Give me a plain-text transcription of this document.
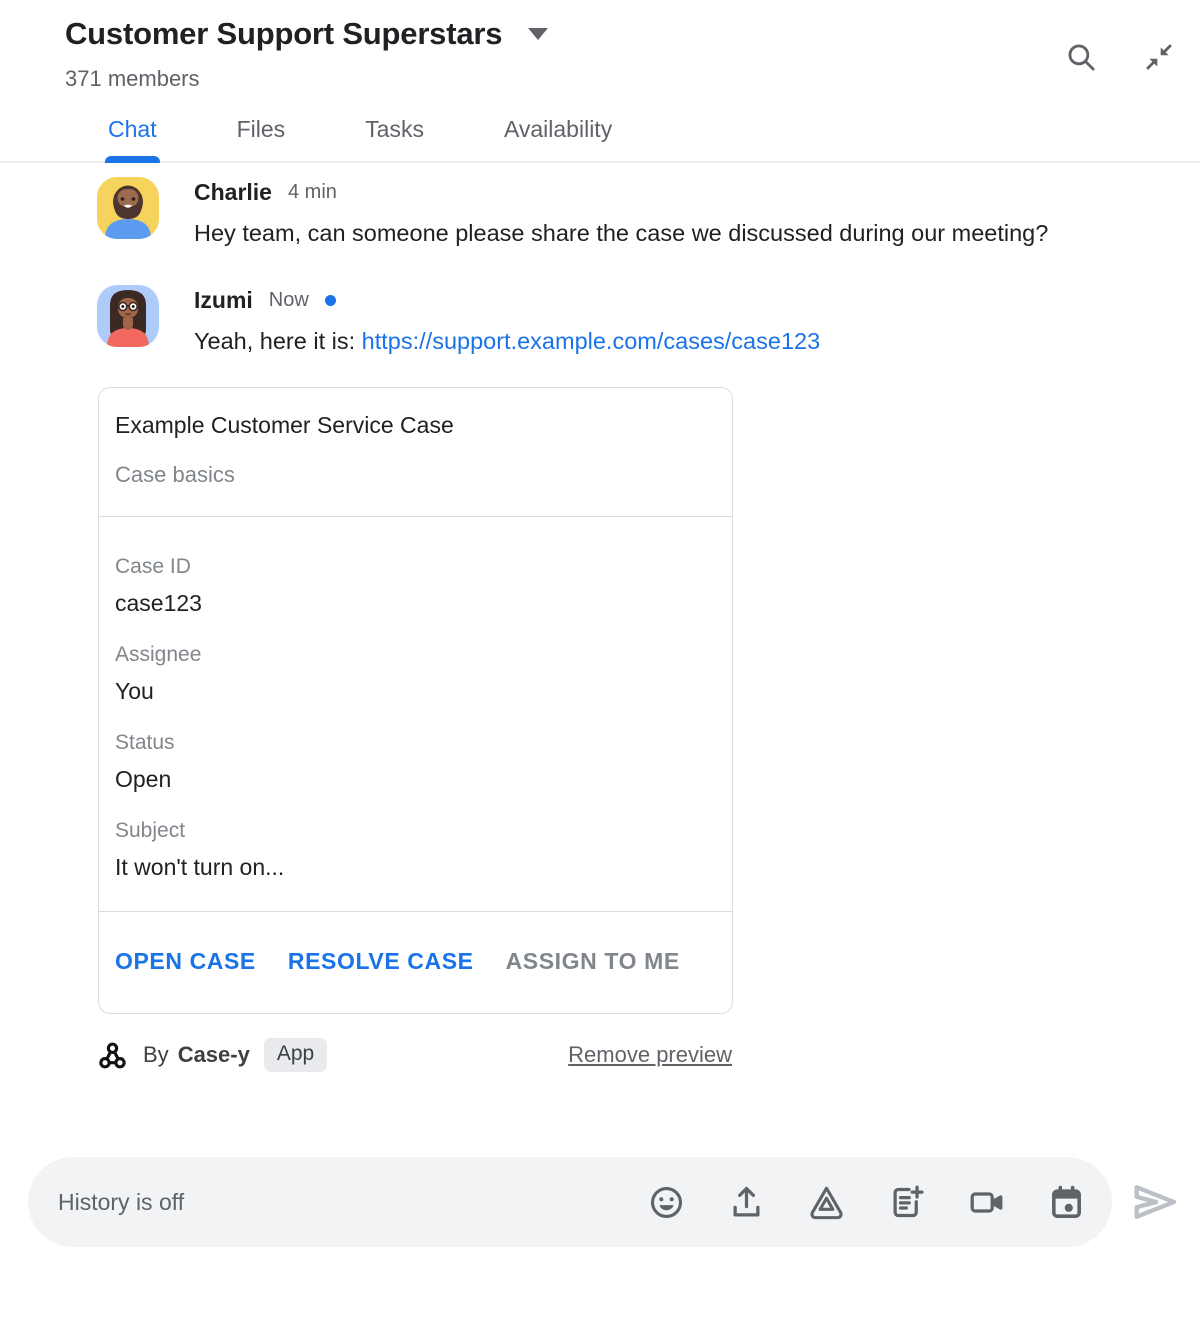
Customer Support Superstars
371 members
Chat	Files	Tasks	Availability
Charlie 4 min
Hey team, can someone please share the case we discussed during our meeting?
Izumi Now
Yeah, here it is: https://support.example.com/cases/case123
Example Customer Service Case
Case basics
Case ID
case123
Assignee
You
Status
Open
Subject
It won't turn on...
OPEN CASE RESOLVE CASE ASSIGN TO ME
By Case-y	App	Remove preview
History is off
